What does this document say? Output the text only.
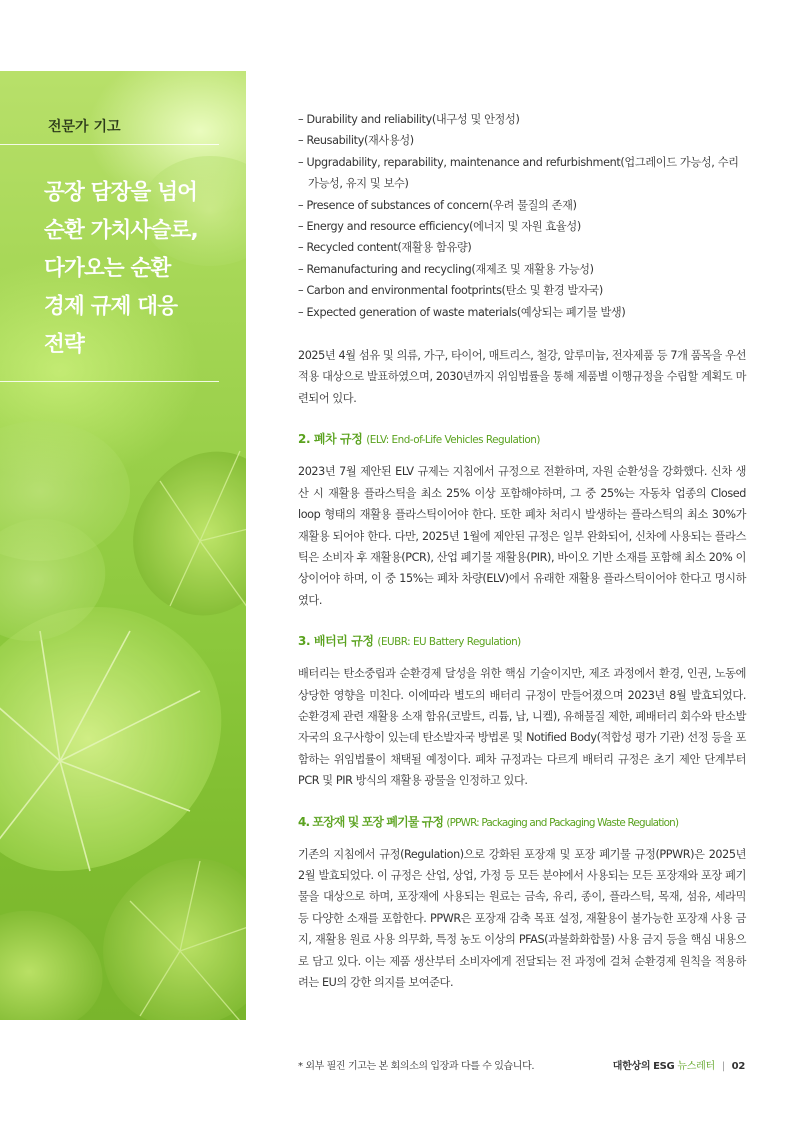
전문가 기고
공장 담장을 넘어
순환 가치사슬로,
다가오는 순환
경제 규제 대응
전략
– Durability and reliability(내구성 및 안정성)
– Reusability(재사용성)
– Upgradability, reparability, maintenance and refurbishment(업그레이드 가능성, 수리 가능성, 유지 및 보수)
– Presence of substances of concern(우려 물질의 존재)
– Energy and resource efficiency(에너지 및 자원 효율성)
– Recycled content(재활용 함유량)
– Remanufacturing and recycling(재제조 및 재활용 가능성)
– Carbon and environmental footprints(탄소 및 환경 발자국)
– Expected generation of waste materials(예상되는 폐기물 발생)

2025년 4월 섬유 및 의류, 가구, 타이어, 매트리스, 철강, 알루미늄, 전자제품 등 7개 품목을 우선적용 대상으로 발표하였으며, 2030년까지 위임법률을 통해 제품별 이행규정을 수립할 계획도 마련되어 있다.

2. 폐차 규정 (ELV: End-of-Life Vehicles Regulation)

2023년 7월 제안된 ELV 규제는 지침에서 규정으로 전환하며, 자원 순환성을 강화했다. 신차 생산 시 재활용 플라스틱을 최소 25% 이상 포함해야하며, 그 중 25%는 자동차 업종의 Closed loop 형태의 재활용 플라스틱이어야 한다. 또한 폐차 처리시 발생하는 플라스틱의 최소 30%가 재활용 되어야 한다. 다만, 2025년 1월에 제안된 규정은 일부 완화되어, 신차에 사용되는 플라스틱은 소비자 후 재활용(PCR), 산업 폐기물 재활용(PIR), 바이오 기반 소재를 포함해 최소 20% 이상이어야 하며, 이 중 15%는 폐차 차량(ELV)에서 유래한 재활용 플라스틱이어야 한다고 명시하였다.

3. 배터리 규정 (EUBR: EU Battery Regulation)

배터리는 탄소중립과 순환경제 달성을 위한 핵심 기술이지만, 제조 과정에서 환경, 인권, 노동에 상당한 영향을 미친다. 이에따라 별도의 배터리 규정이 만들어졌으며 2023년 8월 발효되었다. 순환경제 관련 재활용 소재 함유(코발트, 리튬, 납, 니켈), 유해물질 제한, 폐배터리 회수와 탄소발자국의 요구사항이 있는데 탄소발자국 방법론 및 Notified Body(적합성 평가 기관) 선정 등을 포함하는 위임법률이 채택될 예정이다. 폐차 규정과는 다르게 배터리 규정은 초기 제안 단계부터 PCR 및 PIR 방식의 재활용 광물을 인정하고 있다.

4. 포장재 및 포장 폐기물 규정 (PPWR: Packaging and Packaging Waste Regulation)

기존의 지침에서 규정(Regulation)으로 강화된 포장재 및 포장 폐기물 규정(PPWR)은 2025년 2월 발효되었다. 이 규정은 산업, 상업, 가정 등 모든 분야에서 사용되는 모든 포장재와 포장 폐기물을 대상으로 하며, 포장재에 사용되는 원료는 금속, 유리, 종이, 플라스틱, 목재, 섬유, 세라믹 등 다양한 소재를 포함한다. PPWR은 포장재 감축 목표 설정, 재활용이 불가능한 포장재 사용 금지, 재활용 원료 사용 의무화, 특정 농도 이상의 PFAS(과불화화합물) 사용 금지 등을 핵심 내용으로 담고 있다. 이는 제품 생산부터 소비자에게 전달되는 전 과정에 걸쳐 순환경제 원칙을 적용하려는 EU의 강한 의지를 보여준다.

* 외부 필진 기고는 본 회의소의 입장과 다를 수 있습니다.	대한상의 ESG 뉴스레터 | 02
